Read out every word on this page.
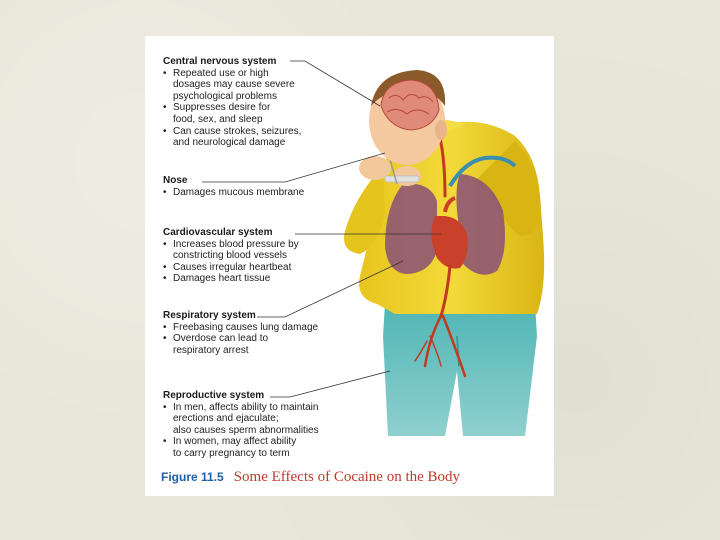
Central nervous system
• Repeated use or high
dosages may cause severe
psychological problems
• Suppresses desire for
food, sex, and sleep
• Can cause strokes, seizures,
and neurological damage
Nose
• Damages mucous membrane
Cardiovascular system
• Increases blood pressure by
constricting blood vessels
• Causes irregular heartbeat
• Damages heart tissue
Respiratory system
• Freebasing causes lung damage
• Overdose can lead to
respiratory arrest
Reproductive system
• In men, affects ability to maintain
erections and ejaculate;
also causes sperm abnormalities
• In women, may affect ability
to carry pregnancy to term
Figure 11.5 Some Effects of Cocaine on the Body
